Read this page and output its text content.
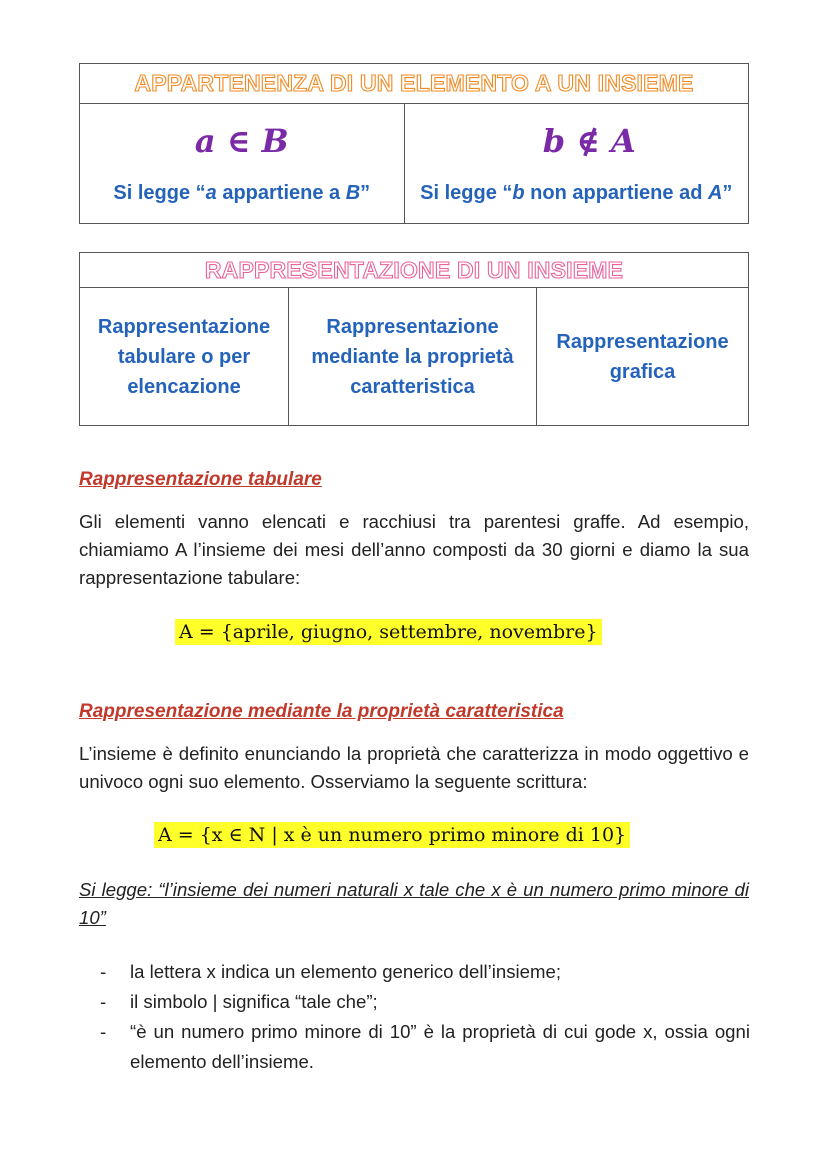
APPARTENENZA DI UN ELEMENTO A UN INSIEME

a ∈ B
Si legge “a appartiene a B”

b ∉ A
Si legge “b non appartiene ad A”
RAPPRESENTAZIONE DI UN INSIEME

Rappresentazione
tabulare o per
elencazione

Rappresentazione
mediante la proprietà
caratteristica

Rappresentazione
grafica
Rappresentazione tabulare
Gli elementi vanno elencati e racchiusi tra parentesi graffe. Ad esempio, chiamiamo A l’insieme dei mesi dell’anno composti da 30 giorni e diamo la sua rappresentazione tabulare:
A = {aprile, giugno, settembre, novembre}
Rappresentazione mediante la proprietà caratteristica
L’insieme è definito enunciando la proprietà che caratterizza in modo oggettivo e univoco ogni suo elemento. Osserviamo la seguente scrittura:
A = {x ∈ N | x è un numero primo minore di 10}
Si legge: “l’insieme dei numeri naturali x tale che x è un numero primo minore di 10”
- la lettera x indica un elemento generico dell’insieme;
- il simbolo | significa “tale che”;
- “è un numero primo minore di 10” è la proprietà di cui gode x, ossia ogni elemento dell’insieme.
